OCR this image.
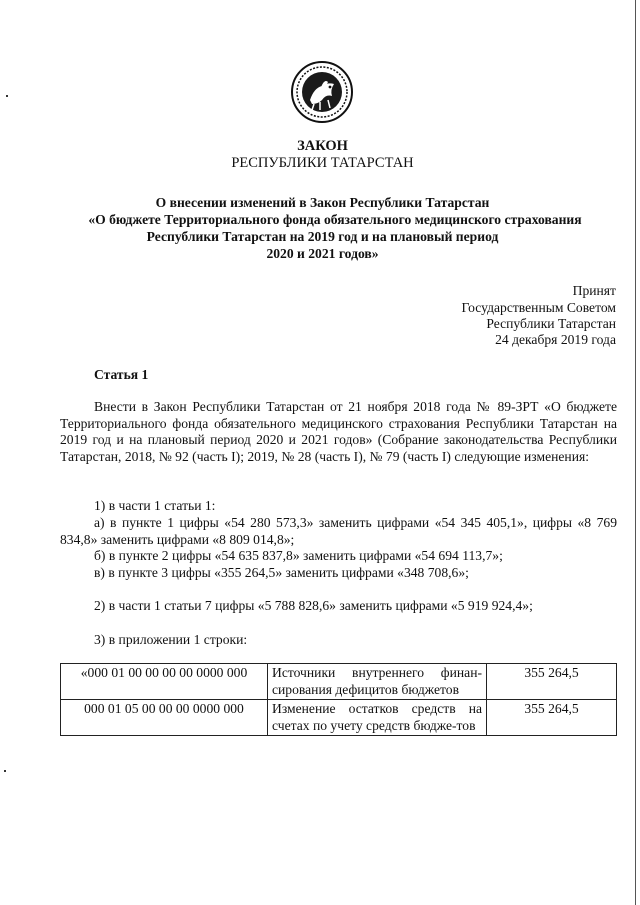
ЗАКОН
РЕСПУБЛИКИ ТАТАРСТАН
О внесении изменений в Закон Республики Татарстан
«О бюджете Территориального фонда обязательного медицинского страхования
Республики Татарстан на 2019 год и на плановый период
2020 и 2021 годов»
Принят
Государственным Советом
Республики Татарстан
24 декабря 2019 года
Статья 1
Внести в Закон Республики Татарстан от 21 ноября 2018 года № 89-ЗРТ «О бюджете Территориального фонда обязательного медицинского страхования Республики Татарстан на 2019 год и на плановый период 2020 и 2021 годов» (Собрание законодательства Республики Татарстан, 2018, № 92 (часть I); 2019, № 28 (часть I), № 79 (часть I) следующие изменения:
1) в части 1 статьи 1:
а) в пункте 1 цифры «54 280 573,3» заменить цифрами «54 345 405,1», цифры «8 769 834,8» заменить цифрами «8 809 014,8»;
б) в пункте 2 цифры «54 635 837,8» заменить цифрами «54 694 113,7»;
в) в пункте 3 цифры «355 264,5» заменить цифрами «348 708,6»;
2) в части 1 статьи 7 цифры «5 788 828,6» заменить цифрами «5 919 924,4»;
3) в приложении 1 строки:
«000 01 00 00 00 00 0000 000	Источники внутреннего финан-сирования дефицитов бюджетов	355 264,5
000 01 05 00 00 00 0000 000	Изменение остатков средств на счетах по учету средств бюдже-тов	355 264,5
